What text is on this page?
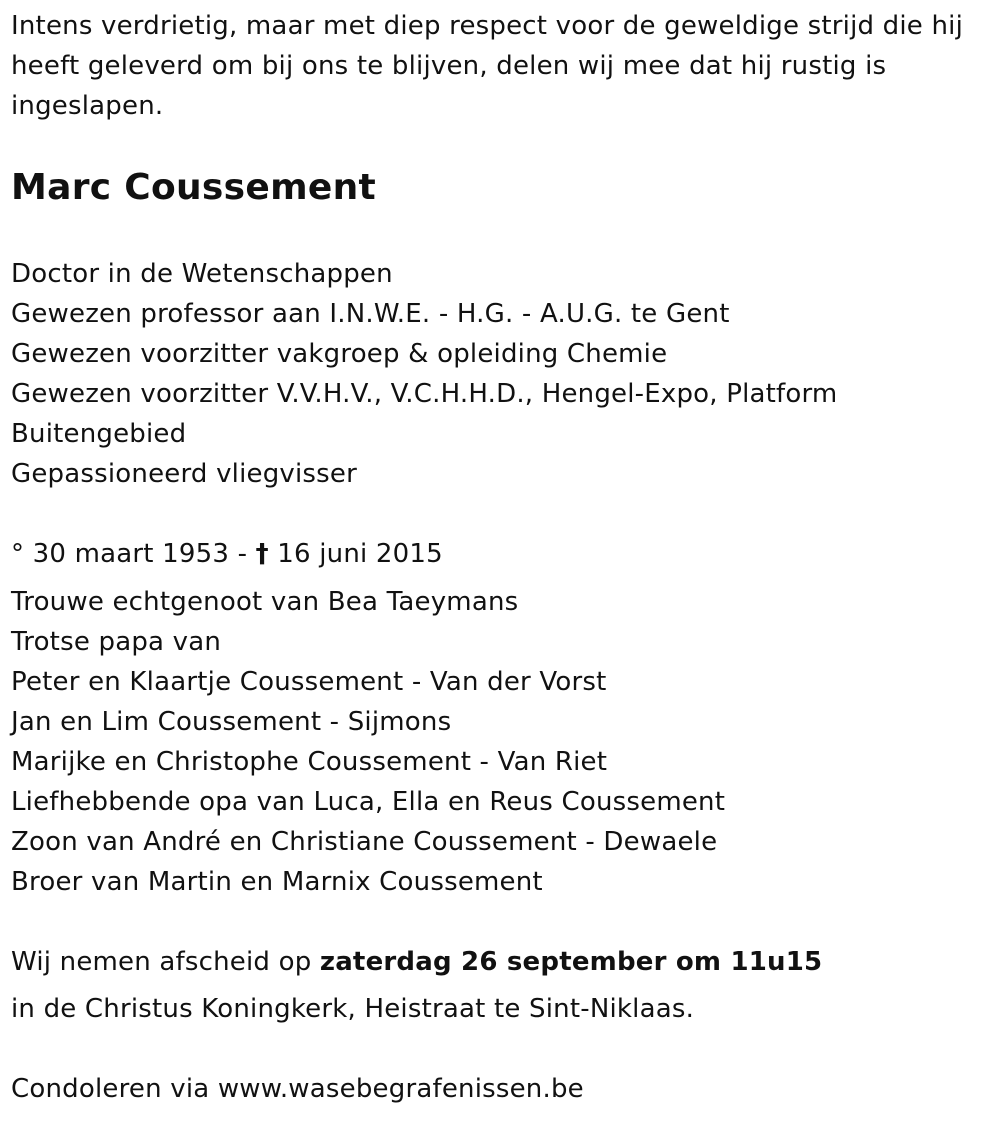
Intens verdrietig, maar met diep respect voor de geweldige strijd die hij
heeft geleverd om bij ons te blijven, delen wij mee dat hij rustig is
ingeslapen.
Marc Coussement
Doctor in de Wetenschappen
Gewezen professor aan I.N.W.E. - H.G. - A.U.G. te Gent
Gewezen voorzitter vakgroep & opleiding Chemie
Gewezen voorzitter V.V.H.V., V.C.H.H.D., Hengel-Expo, Platform
Buitengebied
Gepassioneerd vliegvisser
° 30 maart 1953 - † 16 juni 2015
Trouwe echtgenoot van Bea Taeymans
Trotse papa van
Peter en Klaartje Coussement - Van der Vorst
Jan en Lim Coussement - Sijmons
Marijke en Christophe Coussement - Van Riet
Liefhebbende opa van Luca, Ella en Reus Coussement
Zoon van André en Christiane Coussement - Dewaele
Broer van Martin en Marnix Coussement
Wij nemen afscheid op zaterdag 26 september om 11u15
in de Christus Koningkerk, Heistraat te Sint-Niklaas.
Condoleren via www.wasebegrafenissen.be
